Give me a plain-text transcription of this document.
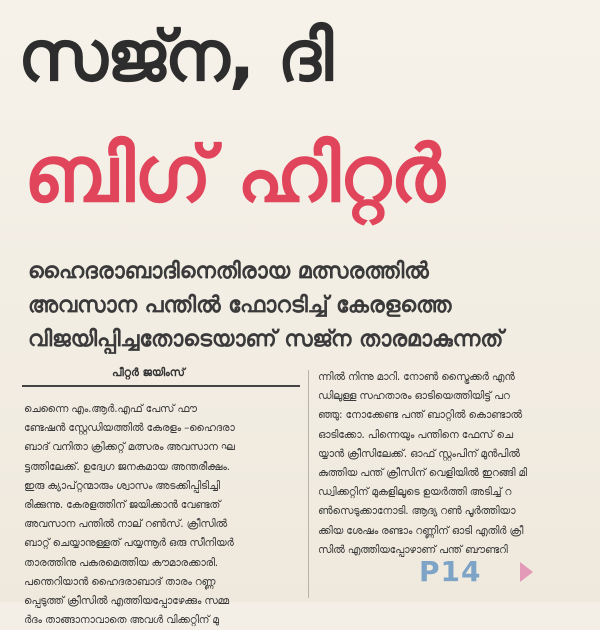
സജ്ന, ദി
ബിഗ് ഹിറ്റർ
ഹൈദരാബാദിനെതിരായ മത്സരത്തിൽ
അവസാന പന്തിൽ ഫോറടിച്ച് കേരളത്തെ
വിജയിപ്പിച്ചതോടെയാണ് സജ്ന താരമാകുന്നത്
പീറ്റർ ജയിംസ്
ചെന്നൈ എം.ആർ.എഫ് പേസ് ഫൗ
ണ്ടേഷൻ സ്റ്റേഡിയത്തിൽ കേരളം –ഹൈദരാ
ബാദ് വനിതാ ക്രിക്കറ്റ് മത്സരം അവസാന ഘ
ട്ടത്തിലേക്ക്. ഉദ്വേഗ ജനകമായ അന്തരീക്ഷം.
ഇരു ക്യാപ്റ്റന്മാരും ശ്വാസം അടക്കിപ്പിടിച്ചി
രിക്കുന്നു. കേരളത്തിന് ജയിക്കാൻ വേണ്ടത്
അവസാന പന്തിൽ നാല് റൺസ്. ക്രീസിൽ
ബാറ്റ് ചെയ്യാനുള്ളത് പയ്യന്നൂർ ഒരു സീനിയർ
താരത്തിനു പകരമെത്തിയ കൗമാരക്കാരി.
പന്തെറിയാൻ ഹൈദരാബാദ് താരം റണ്ണ
പ്പെടുത്ത് ക്രീസിൽ എത്തിയപ്പോഴേക്കും സമ്മ
ർദം താങ്ങാനാവാതെ അവൾ വിക്കറ്റിന് മു
ന്നിൽ നിന്നു മാറി. നോൺ സ്ട്രൈക്കർ എൻ
ഡിലുള്ള സഹതാരം ഓടിയെത്തിയിട്ട് പറ
ഞ്ഞു: നോക്കേണ്ട പന്ത് ബാറ്റിൽ കൊണ്ടാൽ
ഓടിക്കോ. പിന്നെയും പന്തിനെ ഫേസ് ചെ
യ്യാൻ ക്രീസിലേക്ക്. ഓഫ് സ്റ്റംപിന് മുൻപിൽ
കുത്തിയ പന്ത് ക്രീസിന് വെളിയിൽ ഇറങ്ങി മി
ഡ്വിക്കറ്റിന് മുകളിലൂടെ ഉയർത്തി അടിച്ച് റ
ൺസെടുക്കാനോടി. ആദ്യ റൺ പൂർത്തിയാ
ക്കിയ ശേഷം രണ്ടാം റണ്ണിന് ഓടി എതിർ ക്രീ
സിൽ എത്തിയപ്പോഴാണ് പന്ത് ബൗണ്ടറി
P14
